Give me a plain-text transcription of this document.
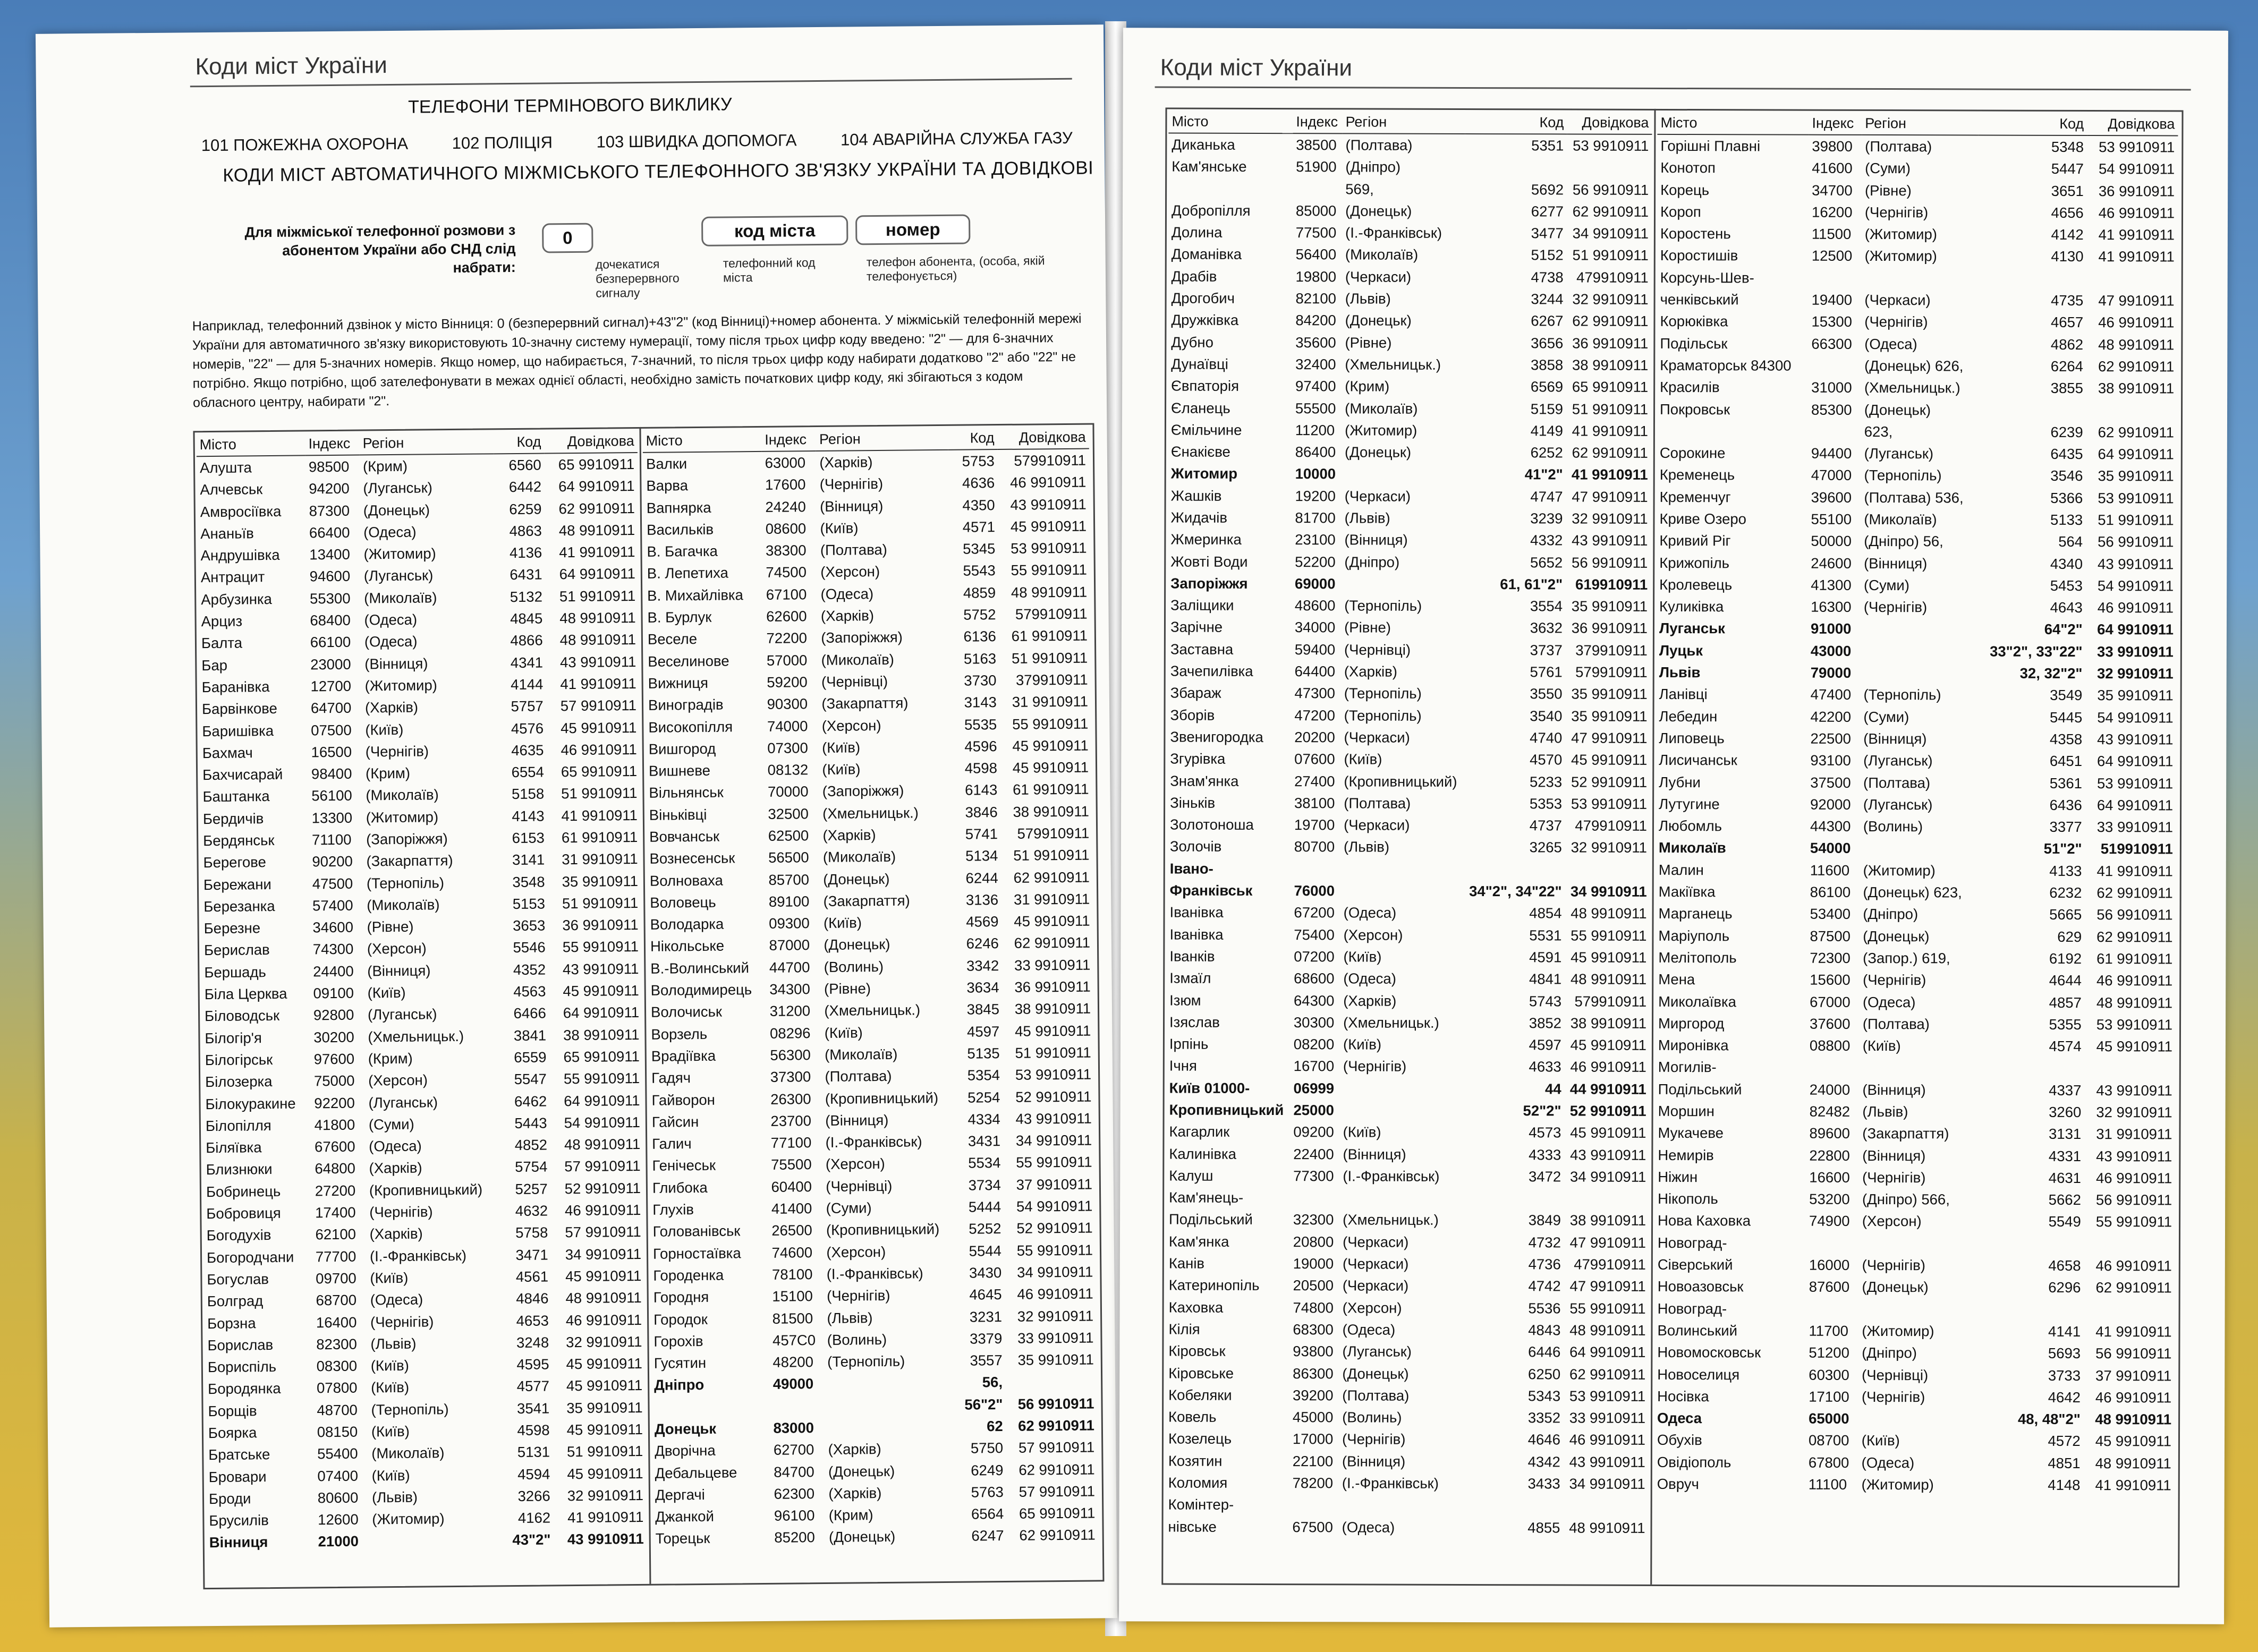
Коди міст України
ТЕЛЕФОНИ ТЕРМІНОВОГО ВИКЛИКУ
101 ПОЖЕЖНА ОХОРОНА	102 ПОЛІЦІЯ	103 ШВИДКА ДОПОМОГА	104 АВАРІЙНА СЛУЖБА ГАЗУ
КОДИ МІСТ АВТОМАТИЧНОГО МІЖМІСЬКОГО ТЕЛЕФОННОГО ЗВ'ЯЗКУ УКРАЇНИ ТА ДОВІДКОВІ
Для міжміської телефонної розмови з абонентом України або СНД слід набрати:
0	код міста	номер
дочекатися безперервного сигналу
телефонний код міста
телефон абонента, (особа, якій телефонується)
Наприклад, телефонний дзвінок у місто Вінниця: 0 (безперервний сигнал)+43"2" (код Вінниці)+номер абонента. У міжміській телефонній мережі України для автоматичного зв'язку використовують 10-значну систему нумерації, тому після трьох цифр коду введено: "2" — для 6-значних номерів, "22" — для 5-значних номерів. Якщо номер, що набирається, 7-значний, то після трьох цифр коду набирати додатково "2" або "22" не потрібно. Якщо потрібно, щоб зателефонувати в межах однієї області, необхідно замість початкових цифр коду, які збігаються з кодом обласного центру, набирати "2".
Місто	Індекс	Регіон	Код	Довідкова
Алушта	98500	(Крим)	6560	65 9910911
Алчевськ	94200	(Луганськ)	6442	64 9910911
Амвросіївка	87300	(Донецьк)	6259	62 9910911
Ананьїв	66400	(Одеса)	4863	48 9910911
Андрушівка	13400	(Житомир)	4136	41 9910911
Антрацит	94600	(Луганськ)	6431	64 9910911
Арбузинка	55300	(Миколаїв)	5132	51 9910911
Арциз	68400	(Одеса)	4845	48 9910911
Балта	66100	(Одеса)	4866	48 9910911
Бар	23000	(Вінниця)	4341	43 9910911
Баранівка	12700	(Житомир)	4144	41 9910911
Барвінкове	64700	(Харків)	5757	57 9910911
Баришівка	07500	(Київ)	4576	45 9910911
Бахмач	16500	(Чернігів)	4635	46 9910911
Бахчисарай	98400	(Крим)	6554	65 9910911
Баштанка	56100	(Миколаїв)	5158	51 9910911
Бердичів	13300	(Житомир)	4143	41 9910911
Бердянськ	71100	(Запоріжжя)	6153	61 9910911
Берегове	90200	(Закарпаття)	3141	31 9910911
Бережани	47500	(Тернопіль)	3548	35 9910911
Березанка	57400	(Миколаїв)	5153	51 9910911
Березне	34600	(Рівне)	3653	36 9910911
Берислав	74300	(Херсон)	5546	55 9910911
Бершадь	24400	(Вінниця)	4352	43 9910911
Біла Церква	09100	(Київ)	4563	45 9910911
Біловодськ	92800	(Луганськ)	6466	64 9910911
Білогір'я	30200	(Хмельницьк.)	3841	38 9910911
Білогірськ	97600	(Крим)	6559	65 9910911
Білозерка	75000	(Херсон)	5547	55 9910911
Білокуракине	92200	(Луганськ)	6462	64 9910911
Білопілля	41800	(Суми)	5443	54 9910911
Біляївка	67600	(Одеса)	4852	48 9910911
Близнюки	64800	(Харків)	5754	57 9910911
Бобринець	27200	(Кропивницький)	5257	52 9910911
Бобровиця	17400	(Чернігів)	4632	46 9910911
Богодухів	62100	(Харків)	5758	57 9910911
Богородчани	77700	(І.-Франківськ)	3471	34 9910911
Богуслав	09700	(Київ)	4561	45 9910911
Болград	68700	(Одеса)	4846	48 9910911
Борзна	16400	(Чернігів)	4653	46 9910911
Борислав	82300	(Львів)	3248	32 9910911
Бориспіль	08300	(Київ)	4595	45 9910911
Бородянка	07800	(Київ)	4577	45 9910911
Борщів	48700	(Тернопіль)	3541	35 9910911
Боярка	08150	(Київ)	4598	45 9910911
Братське	55400	(Миколаїв)	5131	51 9910911
Бровари	07400	(Київ)	4594	45 9910911
Броди	80600	(Львів)	3266	32 9910911
Брусилів	12600	(Житомир)	4162	41 9910911
Вінниця	21000		43"2"	43 9910911
Місто	Індекс	Регіон	Код	Довідкова
Валки	63000	(Харків)	5753	579910911
Варва	17600	(Чернігів)	4636	46 9910911
Вапнярка	24240	(Вінниця)	4350	43 9910911
Васильків	08600	(Київ)	4571	45 9910911
В. Багачка	38300	(Полтава)	5345	53 9910911
В. Лепетиха	74500	(Херсон)	5543	55 9910911
В. Михайлівка	67100	(Одеса)	4859	48 9910911
В. Бурлук	62600	(Харків)	5752	579910911
Веселе	72200	(Запоріжжя)	6136	61 9910911
Веселинове	57000	(Миколаїв)	5163	51 9910911
Вижниця	59200	(Чернівці)	3730	379910911
Виноградів	90300	(Закарпаття)	3143	31 9910911
Високопілля	74000	(Херсон)	5535	55 9910911
Вишгород	07300	(Київ)	4596	45 9910911
Вишневе	08132	(Київ)	4598	45 9910911
Вільнянськ	70000	(Запоріжжя)	6143	61 9910911
Віньківці	32500	(Хмельницьк.)	3846	38 9910911
Вовчанськ	62500	(Харків)	5741	579910911
Вознесенськ	56500	(Миколаїв)	5134	51 9910911
Волноваха	85700	(Донецьк)	6244	62 9910911
Воловець	89100	(Закарпаття)	3136	31 9910911
Володарка	09300	(Київ)	4569	45 9910911
Нікольське	87000	(Донецьк)	6246	62 9910911
В.-Волинський	44700	(Волинь)	3342	33 9910911
Володимирець	34300	(Рівне)	3634	36 9910911
Волочиськ	31200	(Хмельницьк.)	3845	38 9910911
Ворзель	08296	(Київ)	4597	45 9910911
Врадіївка	56300	(Миколаїв)	5135	51 9910911
Гадяч	37300	(Полтава)	5354	53 9910911
Гайворон	26300	(Кропивницький)	5254	52 9910911
Гайсин	23700	(Вінниця)	4334	43 9910911
Галич	77100	(І.-Франківськ)	3431	34 9910911
Генічеськ	75500	(Херсон)	5534	55 9910911
Глибока	60400	(Чернівці)	3734	37 9910911
Глухів	41400	(Суми)	5444	54 9910911
Голованівськ	26500	(Кропивницький)	5252	52 9910911
Горностаївка	74600	(Херсон)	5544	55 9910911
Городенка	78100	(І.-Франківськ)	3430	34 9910911
Городня	15100	(Чернігів)	4645	46 9910911
Городок	81500	(Львів)	3231	32 9910911
Горохів	457С0	(Волинь)	3379	33 9910911
Гусятин	48200	(Тернопіль)	3557	35 9910911
Дніпро	49000		56,	
			56"2"	56 9910911
Донецьк	83000		62	62 9910911
Дворічна	62700	(Харків)	5750	57 9910911
Дебальцеве	84700	(Донецьк)	6249	62 9910911
Дергачі	62300	(Харків)	5763	57 9910911
Джанкой	96100	(Крим)	6564	65 9910911
Торецьк	85200	(Донецьк)	6247	62 9910911
Коди міст України
Місто	Індекс	Регіон	Код	Довідкова
Диканька	38500	(Полтава)	5351	53 9910911
Кам'янське	51900	(Дніпро)		
		569,	5692	56 9910911
Добропілля	85000	(Донецьк)	6277	62 9910911
Долина	77500	(І.-Франківськ)	3477	34 9910911
Доманівка	56400	(Миколаїв)	5152	51 9910911
Драбів	19800	(Черкаси)	4738	479910911
Дрогобич	82100	(Львів)	3244	32 9910911
Дружківка	84200	(Донецьк)	6267	62 9910911
Дубно	35600	(Рівне)	3656	36 9910911
Дунаївці	32400	(Хмельницьк.)	3858	38 9910911
Євпаторія	97400	(Крим)	6569	65 9910911
Єланець	55500	(Миколаїв)	5159	51 9910911
Ємільчине	11200	(Житомир)	4149	41 9910911
Єнакієве	86400	(Донецьк)	6252	62 9910911
Житомир	10000		41"2"	41 9910911
Жашків	19200	(Черкаси)	4747	47 9910911
Жидачів	81700	(Львів)	3239	32 9910911
Жмеринка	23100	(Вінниця)	4332	43 9910911
Жовті Води	52200	(Дніпро)	5652	56 9910911
Запоріжжя	69000		61, 61"2"	619910911
Заліщики	48600	(Тернопіль)	3554	35 9910911
Зарічне	34000	(Рівне)	3632	36 9910911
Заставна	59400	(Чернівці)	3737	379910911
Зачепилівка	64400	(Харків)	5761	579910911
Збараж	47300	(Тернопіль)	3550	35 9910911
Зборів	47200	(Тернопіль)	3540	35 9910911
Звенигородка	20200	(Черкаси)	4740	47 9910911
Згурівка	07600	(Київ)	4570	45 9910911
Знам'янка	27400	(Кропивницький)	5233	52 9910911
Зіньків	38100	(Полтава)	5353	53 9910911
Золотоноша	19700	(Черкаси)	4737	479910911
Золочів	80700	(Львів)	3265	32 9910911
Івано-				
Франківськ	76000		34"2", 34"22"	34 9910911
Іванівка	67200	(Одеса)	4854	48 9910911
Іванівка	75400	(Херсон)	5531	55 9910911
Іванків	07200	(Київ)	4591	45 9910911
Ізмаїл	68600	(Одеса)	4841	48 9910911
Ізюм	64300	(Харків)	5743	579910911
Ізяслав	30300	(Хмельницьк.)	3852	38 9910911
Ірпінь	08200	(Київ)	4597	45 9910911
Ічня	16700	(Чернігів)	4633	46 9910911
Київ 01000-	06999		44	44 9910911
Кропивницький	25000		52"2"	52 9910911
Кагарлик	09200	(Київ)	4573	45 9910911
Калинівка	22400	(Вінниця)	4333	43 9910911
Калуш	77300	(І.-Франківськ)	3472	34 9910911
Кам'янець-				
Подільський	32300	(Хмельницьк.)	3849	38 9910911
Кам'янка	20800	(Черкаси)	4732	47 9910911
Канів	19000	(Черкаси)	4736	479910911
Катеринопіль	20500	(Черкаси)	4742	47 9910911
Каховка	74800	(Херсон)	5536	55 9910911
Кілія	68300	(Одеса)	4843	48 9910911
Кіровськ	93800	(Луганськ)	6446	64 9910911
Кіровське	86300	(Донецьк)	6250	62 9910911
Кобеляки	39200	(Полтава)	5343	53 9910911
Ковель	45000	(Волинь)	3352	33 9910911
Козелець	17000	(Чернігів)	4646	46 9910911
Козятин	22100	(Вінниця)	4342	43 9910911
Коломия	78200	(І.-Франківськ)	3433	34 9910911
Комінтер-				
нівське	67500	(Одеса)	4855	48 9910911
Місто	Індекс	Регіон	Код	Довідкова
Горішні Плавні	39800	(Полтава)	5348	53 9910911
Конотоп	41600	(Суми)	5447	54 9910911
Корець	34700	(Рівне)	3651	36 9910911
Короп	16200	(Чернігів)	4656	46 9910911
Коростень	11500	(Житомир)	4142	41 9910911
Коростишів	12500	(Житомир)	4130	41 9910911
Корсунь-Шев-				
ченківський	19400	(Черкаси)	4735	47 9910911
Корюківка	15300	(Чернігів)	4657	46 9910911
Подільськ	66300	(Одеса)	4862	48 9910911
Краматорськ 84300		(Донецьк) 626,	6264	62 9910911
Красилів	31000	(Хмельницьк.)	3855	38 9910911
Покровськ	85300	(Донецьк)		
		623,	6239	62 9910911
Сорокине	94400	(Луганськ)	6435	64 9910911
Кременець	47000	(Тернопіль)	3546	35 9910911
Кременчуг	39600	(Полтава) 536,	5366	53 9910911
Криве Озеро	55100	(Миколаїв)	5133	51 9910911
Кривий Ріг	50000	(Дніпро) 56,	564	56 9910911
Крижопіль	24600	(Вінниця)	4340	43 9910911
Кролевець	41300	(Суми)	5453	54 9910911
Куликівка	16300	(Чернігів)	4643	46 9910911
Луганськ	91000		64"2"	64 9910911
Луцьк	43000		33"2", 33"22"	33 9910911
Львів	79000		32, 32"2"	32 9910911
Ланівці	47400	(Тернопіль)	3549	35 9910911
Лебедин	42200	(Суми)	5445	54 9910911
Липовець	22500	(Вінниця)	4358	43 9910911
Лисичанськ	93100	(Луганськ)	6451	64 9910911
Лубни	37500	(Полтава)	5361	53 9910911
Лутугине	92000	(Луганськ)	6436	64 9910911
Любомль	44300	(Волинь)	3377	33 9910911
Миколаїв	54000		51"2"	519910911
Малин	11600	(Житомир)	4133	41 9910911
Макіївка	86100	(Донецьк) 623,	6232	62 9910911
Марганець	53400	(Дніпро)	5665	56 9910911
Маріуполь	87500	(Донецьк)	629	62 9910911
Мелітополь	72300	(Запор.) 619,	6192	61 9910911
Мена	15600	(Чернігів)	4644	46 9910911
Миколаївка	67000	(Одеса)	4857	48 9910911
Миргород	37600	(Полтава)	5355	53 9910911
Миронівка	08800	(Київ)	4574	45 9910911
Могилів-				
Подільський	24000	(Вінниця)	4337	43 9910911
Моршин	82482	(Львів)	3260	32 9910911
Мукачеве	89600	(Закарпаття)	3131	31 9910911
Немирів	22800	(Вінниця)	4331	43 9910911
Ніжин	16600	(Чернігів)	4631	46 9910911
Нікополь	53200	(Дніпро) 566,	5662	56 9910911
Нова Каховка	74900	(Херсон)	5549	55 9910911
Новоград-				
Сіверський	16000	(Чернігів)	4658	46 9910911
Новоазовськ	87600	(Донецьк)	6296	62 9910911
Новоград-				
Волинський	11700	(Житомир)	4141	41 9910911
Новомосковськ	51200	(Дніпро)	5693	56 9910911
Новоселиця	60300	(Чернівці)	3733	37 9910911
Носівка	17100	(Чернігів)	4642	46 9910911
Одеса	65000		48, 48"2"	48 9910911
Обухів	08700	(Київ)	4572	45 9910911
Овідіополь	67800	(Одеса)	4851	48 9910911
Овруч	11100	(Житомир)	4148	41 9910911
